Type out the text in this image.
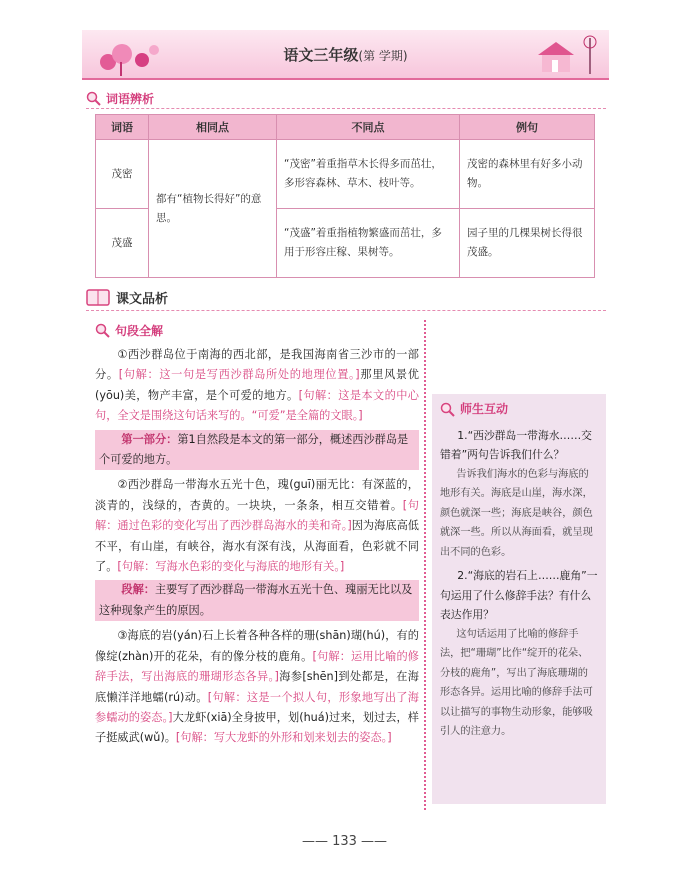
语文三年级(第 学期)
词语辨析
词语	相同点	不同点	例句
茂密	都有“植物长得好”的意思。	“茂密”着重指草木长得多而茁壮，多形容森林、草木、枝叶等。	茂密的森林里有好多小动物。
茂盛		“茂盛”着重指植物繁盛而茁壮，多用于形容庄稼、果树等。	园子里的几棵果树长得很茂盛。
课文品析
句段全解

①西沙群岛位于南海的西北部，是我国海南省三沙市的一部分。[句解：这一句是写西沙群岛所处的地理位置。]那里风景优(yōu)美，物产丰富，是个可爱的地方。[句解：这是本文的中心句，全文是围绕这句话来写的。“可爱”是全篇的文眼。]

第一部分：第1自然段是本文的第一部分，概述西沙群岛是个可爱的地方。

②西沙群岛一带海水五光十色，瑰(guī)丽无比：有深蓝的，淡青的，浅绿的，杏黄的。一块块，一条条，相互交错着。[句解：通过色彩的变化写出了西沙群岛海水的美和奇。]因为海底高低不平，有山崖，有峡谷，海水有深有浅，从海面看，色彩就不同了。[句解：写海水色彩的变化与海底的地形有关。]

段解：主要写了西沙群岛一带海水五光十色、瑰丽无比以及这种现象产生的原因。

③海底的岩(yán)石上长着各种各样的珊(shān)瑚(hú)，有的像绽(zhàn)开的花朵，有的像分枝的鹿角。[句解：运用比喻的修辞手法，写出海底的珊瑚形态各异。]海参[shēn]到处都是，在海底懒洋洋地蠕(rú)动。[句解：这是一个拟人句，形象地写出了海参蠕动的姿态。]大龙虾(xiā)全身披甲，划(huá)过来，划过去，样子挺威武(wǔ)。[句解：写大龙虾的外形和划来划去的姿态。]

师生互动

1.“西沙群岛一带海水……交错着”两句告诉我们什么？

告诉我们海水的色彩与海底的地形有关。海底是山崖，海水深，颜色就深一些；海底是峡谷，颜色就深一些。所以从海面看，就呈现出不同的色彩。

2.“海底的岩石上……鹿角”一句运用了什么修辞手法？有什么表达作用？

这句话运用了比喻的修辞手法，把“珊瑚”比作“绽开的花朵、分枝的鹿角”，写出了海底珊瑚的形态各异。运用比喻的修辞手法可以让描写的事物生动形象，能够吸引人的注意力。

—— 133 ——
